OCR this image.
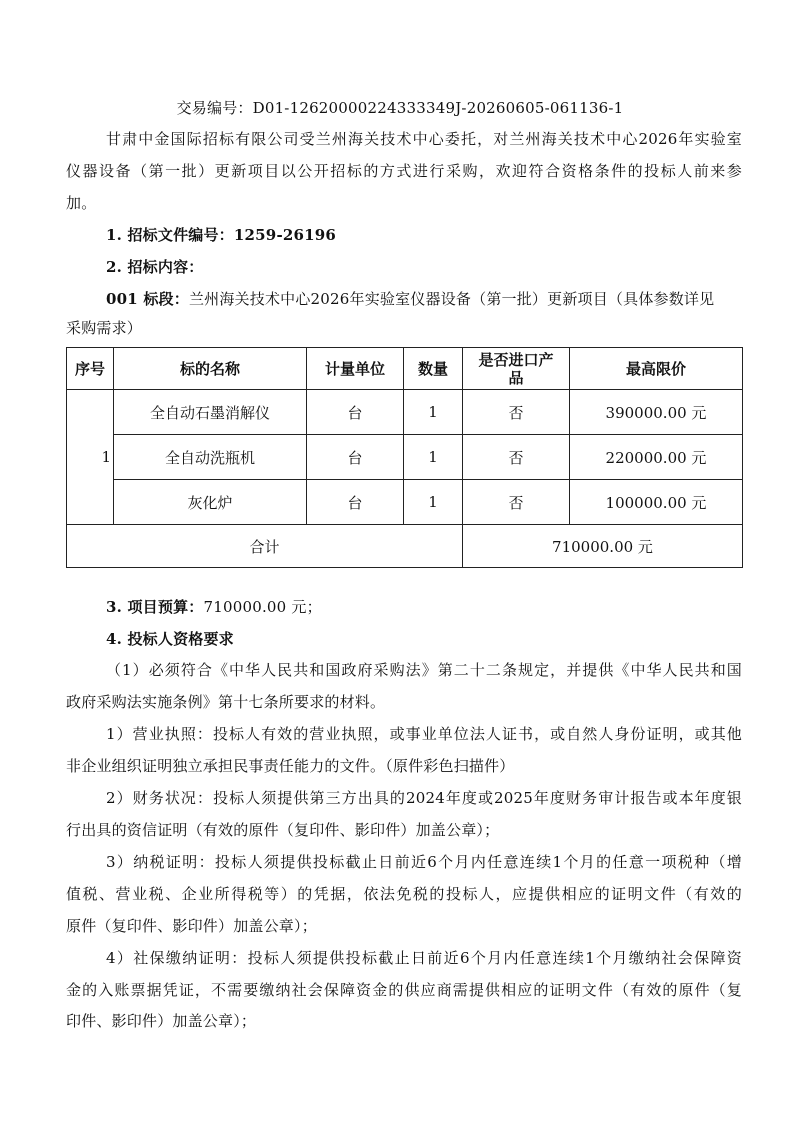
交易编号：D01-12620000224333349J-20260605-061136-1
甘肃中金国际招标有限公司受兰州海关技术中心委托，对兰州海关技术中心2026年实验室
仪器设备（第一批）更新项目以公开招标的方式进行采购，欢迎符合资格条件的投标人前来参
加。
1. 招标文件编号：1259-26196
2. 招标内容：
001 标段：兰州海关技术中心2026年实验室仪器设备（第一批）更新项目（具体参数详见
采购需求）
序号	标的名称	计量单位	数量	是否进口产品	最高限价
1	全自动石墨消解仪	台	1	否	390000.00 元
	全自动洗瓶机	台	1	否	220000.00 元
	灰化炉	台	1	否	100000.00 元
合计				710000.00 元	
3. 项目预算：710000.00 元；
4. 投标人资格要求
（1）必须符合《中华人民共和国政府采购法》第二十二条规定，并提供《中华人民共和国
政府采购法实施条例》第十七条所要求的材料。
1）营业执照：投标人有效的营业执照，或事业单位法人证书，或自然人身份证明，或其他
非企业组织证明独立承担民事责任能力的文件。（原件彩色扫描件）
2）财务状况：投标人须提供第三方出具的2024年度或2025年度财务审计报告或本年度银
行出具的资信证明（有效的原件（复印件、影印件）加盖公章）；
3）纳税证明：投标人须提供投标截止日前近6个月内任意连续1个月的任意一项税种（增
值税、营业税、企业所得税等）的凭据，依法免税的投标人，应提供相应的证明文件（有效的
原件（复印件、影印件）加盖公章）；
4）社保缴纳证明：投标人须提供投标截止日前近6个月内任意连续1个月缴纳社会保障资
金的入账票据凭证，不需要缴纳社会保障资金的供应商需提供相应的证明文件（有效的原件（复
印件、影印件）加盖公章）；
